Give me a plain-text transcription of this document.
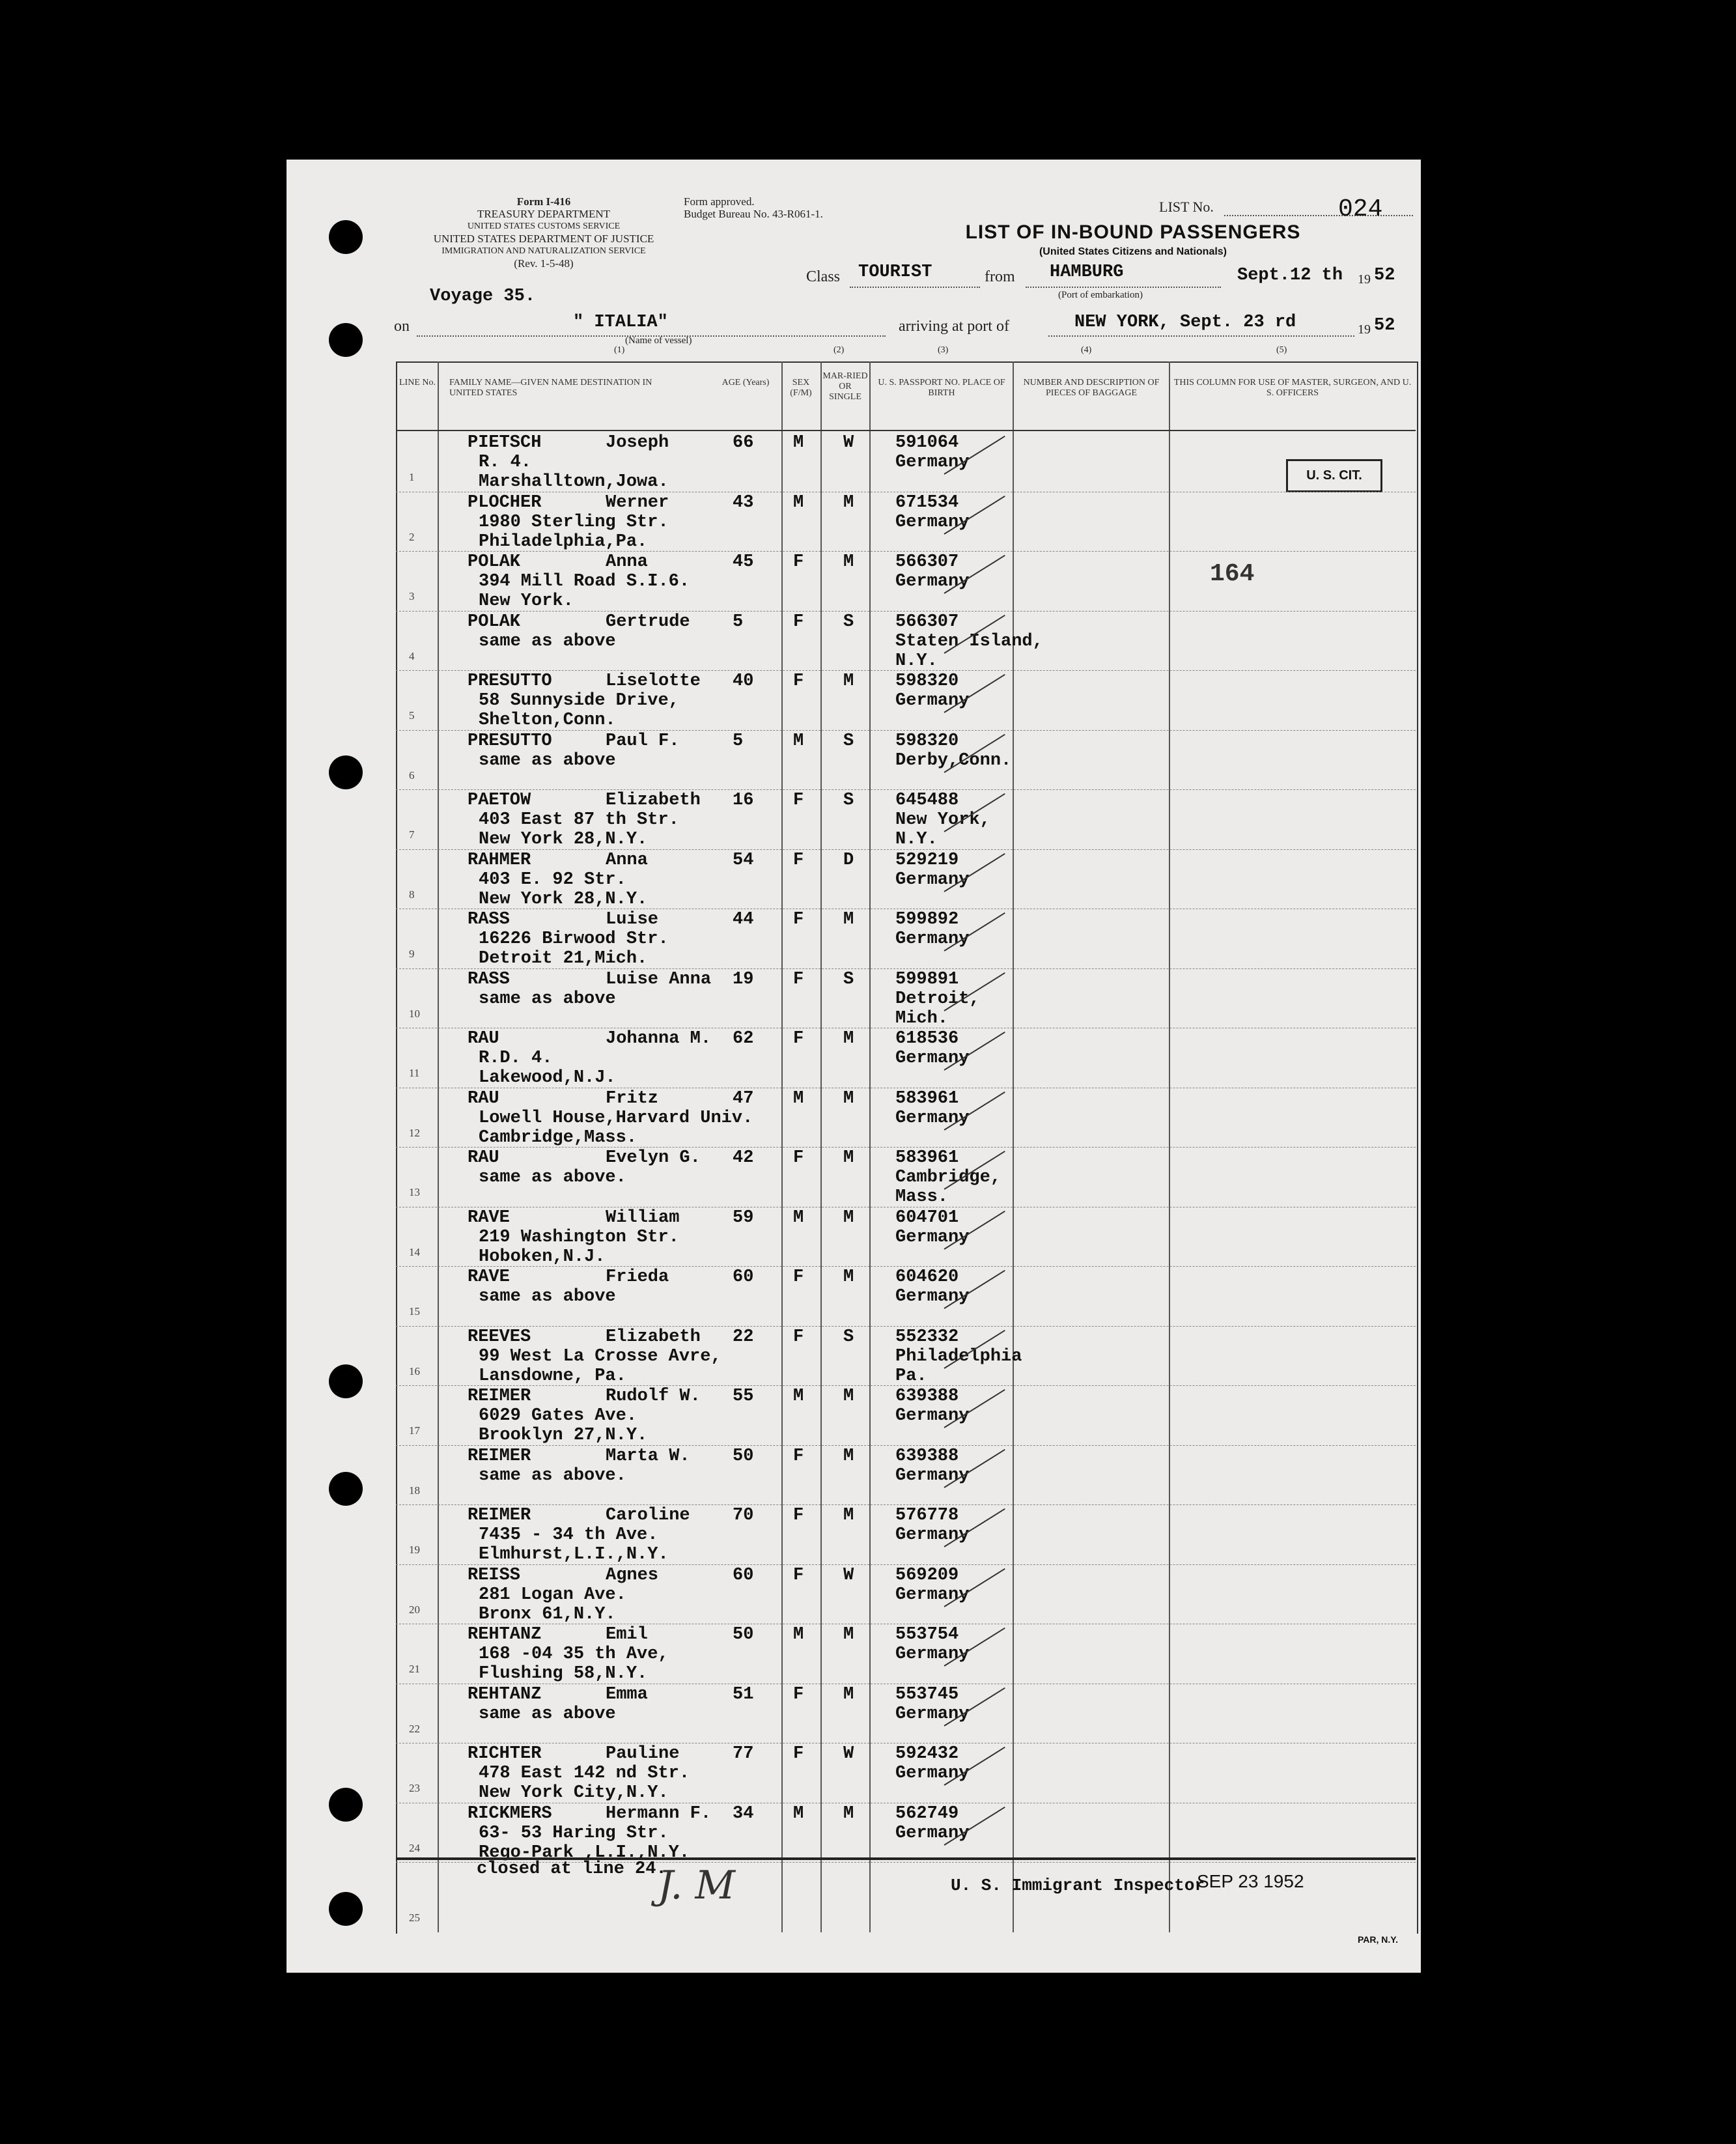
Form I-416
TREASURY DEPARTMENT
UNITED STATES CUSTOMS SERVICE
UNITED STATES DEPARTMENT OF JUSTICE
IMMIGRATION AND NATURALIZATION SERVICE
(Rev. 1-5-48)
Form approved.
Budget Bureau No. 43-R061-1.	LIST No.	024
LIST OF IN-BOUND PASSENGERS
(United States Citizens and Nationals)
Class TOURIST	from HAMBURG
(Port of embarkation)
Sept.12 th 19 52
Voyage 35.
on	" ITALIA"
(Name of vessel)
arriving at port of	NEW YORK, Sept. 23 rd	19 52
(1)	(2)	(3)	(4)	(5)
LINE No. FAMILY NAME—GIVEN NAME DESTINATION IN UNITED STATES
AGE (Years)	SEX (F/M)
MAR-RIED OR SINGLE
U. S. PASSPORT NO. PLACE OF BIRTH
NUMBER AND DESCRIPTION OF PIECES OF BAGGAGE
THIS COLUMN FOR USE OF MASTER, SURGEON, AND U. S. OFFICERS
U. S. CIT.
164
1
PIETSCH	Joseph
R. 4.
Marshalltown,Jowa.
66 M W 591064
Germany
2
PLOCHER	Werner
1980 Sterling Str.
Philadelphia,Pa.
43 M M 671534
Germany
3
POLAK	Anna
394 Mill Road S.I.6.
New York.
45 F M 566307
Germany
4
POLAK	Gertrude
same as above
5	F S 566307
Staten Island,
N.Y.
5
PRESUTTO	Liselotte
58 Sunnyside Drive,
Shelton,Conn.
40 F M 598320
Germany
6
PRESUTTO	Paul F.
same as above
5	M S 598320
Derby,Conn.
7
PAETOW	Elizabeth
403 East 87 th Str.
New York 28,N.Y.
16 F S 645488
New York,
N.Y.
8
RAHMER	Anna
403 E. 92 Str.
New York 28,N.Y.
54 F D 529219
Germany
9
RASS	Luise
16226 Birwood Str.
Detroit 21,Mich.
44 F M 599892
Germany
10
RASS	Luise Anna
same as above
19 F S 599891
Detroit,
Mich.
11
RAU	Johanna M.
R.D. 4.
Lakewood,N.J.
62 F M 618536
Germany
12
RAU	Fritz
Lowell House,Harvard Univ.
Cambridge,Mass.
47 M M 583961
Germany
13
RAU	Evelyn G.
same as above.
42 F M 583961
Cambridge,
Mass.
14
RAVE	William
219 Washington Str.
Hoboken,N.J.
59 M M 604701
Germany
15
RAVE	Frieda
same as above
60 F M 604620
Germany
16
REEVES	Elizabeth
99 West La Crosse Avre,
Lansdowne, Pa.
22 F S 552332
Philadelphia
Pa.
17
REIMER	Rudolf W.
6029 Gates Ave.
Brooklyn 27,N.Y.
55 M M 639388
Germany
18
REIMER	Marta W.
same as above.
50 F M 639388
Germany
19
REIMER	Caroline
7435 - 34 th Ave.
Elmhurst,L.I.,N.Y.
70 F M 576778
Germany
20
REISS	Agnes
281 Logan Ave.
Bronx 61,N.Y.
60 F W 569209
Germany
21
REHTANZ	Emil
168 -04 35 th Ave,
Flushing 58,N.Y.
50 M M 553754
Germany
22
REHTANZ	Emma
same as above
51 F M 553745
Germany
23
RICHTER	Pauline
478 East 142 nd Str.
New York City,N.Y.
77 F W 592432
Germany
24
RICKMERS	Hermann F.
63- 53 Haring Str.
Rego-Park ,L.I.,N.Y.
34 M M 562749
Germany
25
closed at line 24.
J. M	U. S. Immigrant Inspector
SEP 23 1952
PAR, N.Y.
